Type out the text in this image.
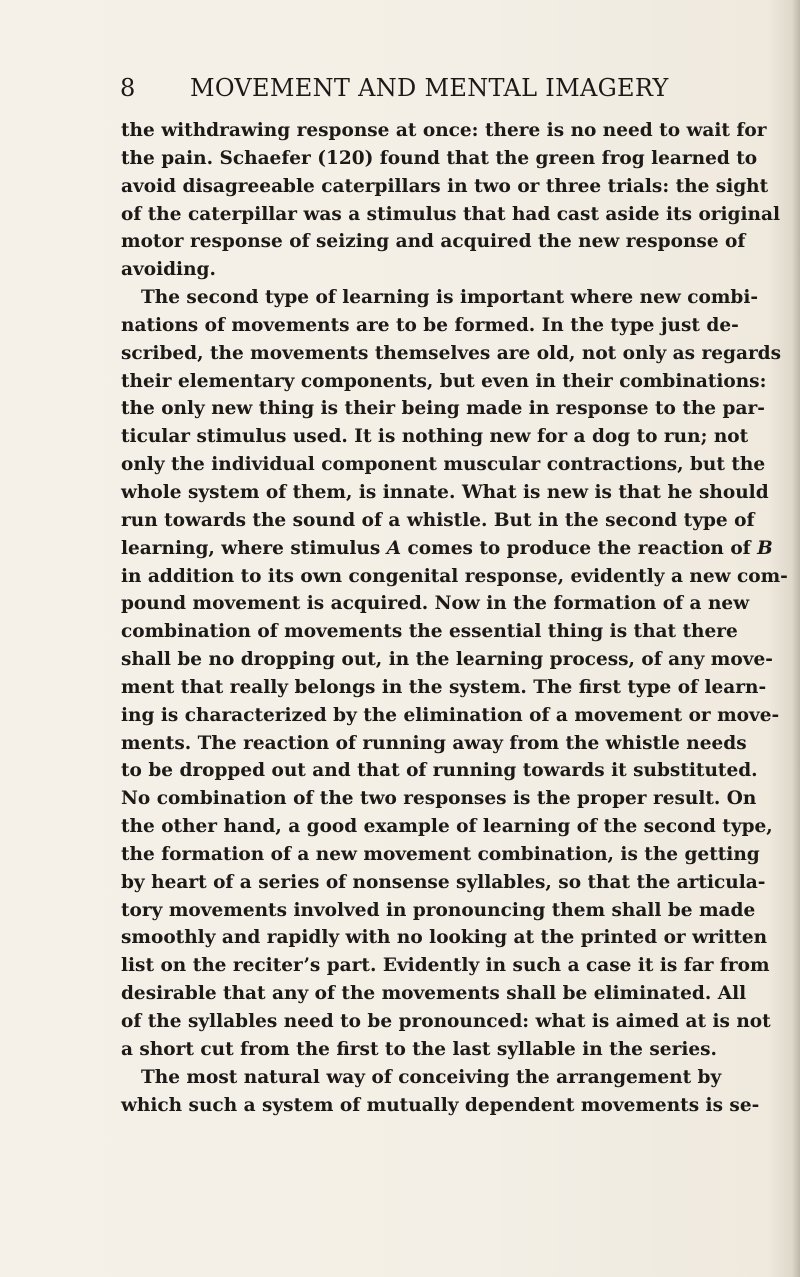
8 MOVEMENT AND MENTAL IMAGERY
the withdrawing response at once: there is no need to wait for
the pain. Schaefer (120) found that the green frog learned to
avoid disagreeable caterpillars in two or three trials: the sight
of the caterpillar was a stimulus that had cast aside its original
motor response of seizing and acquired the new response of
avoiding.
The second type of learning is important where new combi-
nations of movements are to be formed. In the type just de-
scribed, the movements themselves are old, not only as regards
their elementary components, but even in their combinations:
the only new thing is their being made in response to the par-
ticular stimulus used. It is nothing new for a dog to run; not
only the individual component muscular contractions, but the
whole system of them, is innate. What is new is that he should
run towards the sound of a whistle. But in the second type of
learning, where stimulus A comes to produce the reaction of B
in addition to its own congenital response, evidently a new com-
pound movement is acquired. Now in the formation of a new
combination of movements the essential thing is that there
shall be no dropping out, in the learning process, of any move-
ment that really belongs in the system. The first type of learn-
ing is characterized by the elimination of a movement or move-
ments. The reaction of running away from the whistle needs
to be dropped out and that of running towards it substituted.
No combination of the two responses is the proper result. On
the other hand, a good example of learning of the second type,
the formation of a new movement combination, is the getting
by heart of a series of nonsense syllables, so that the articula-
tory movements involved in pronouncing them shall be made
smoothly and rapidly with no looking at the printed or written
list on the reciter’s part. Evidently in such a case it is far from
desirable that any of the movements shall be eliminated. All
of the syllables need to be pronounced: what is aimed at is not
a short cut from the first to the last syllable in the series.
The most natural way of conceiving the arrangement by
which such a system of mutually dependent movements is se-
